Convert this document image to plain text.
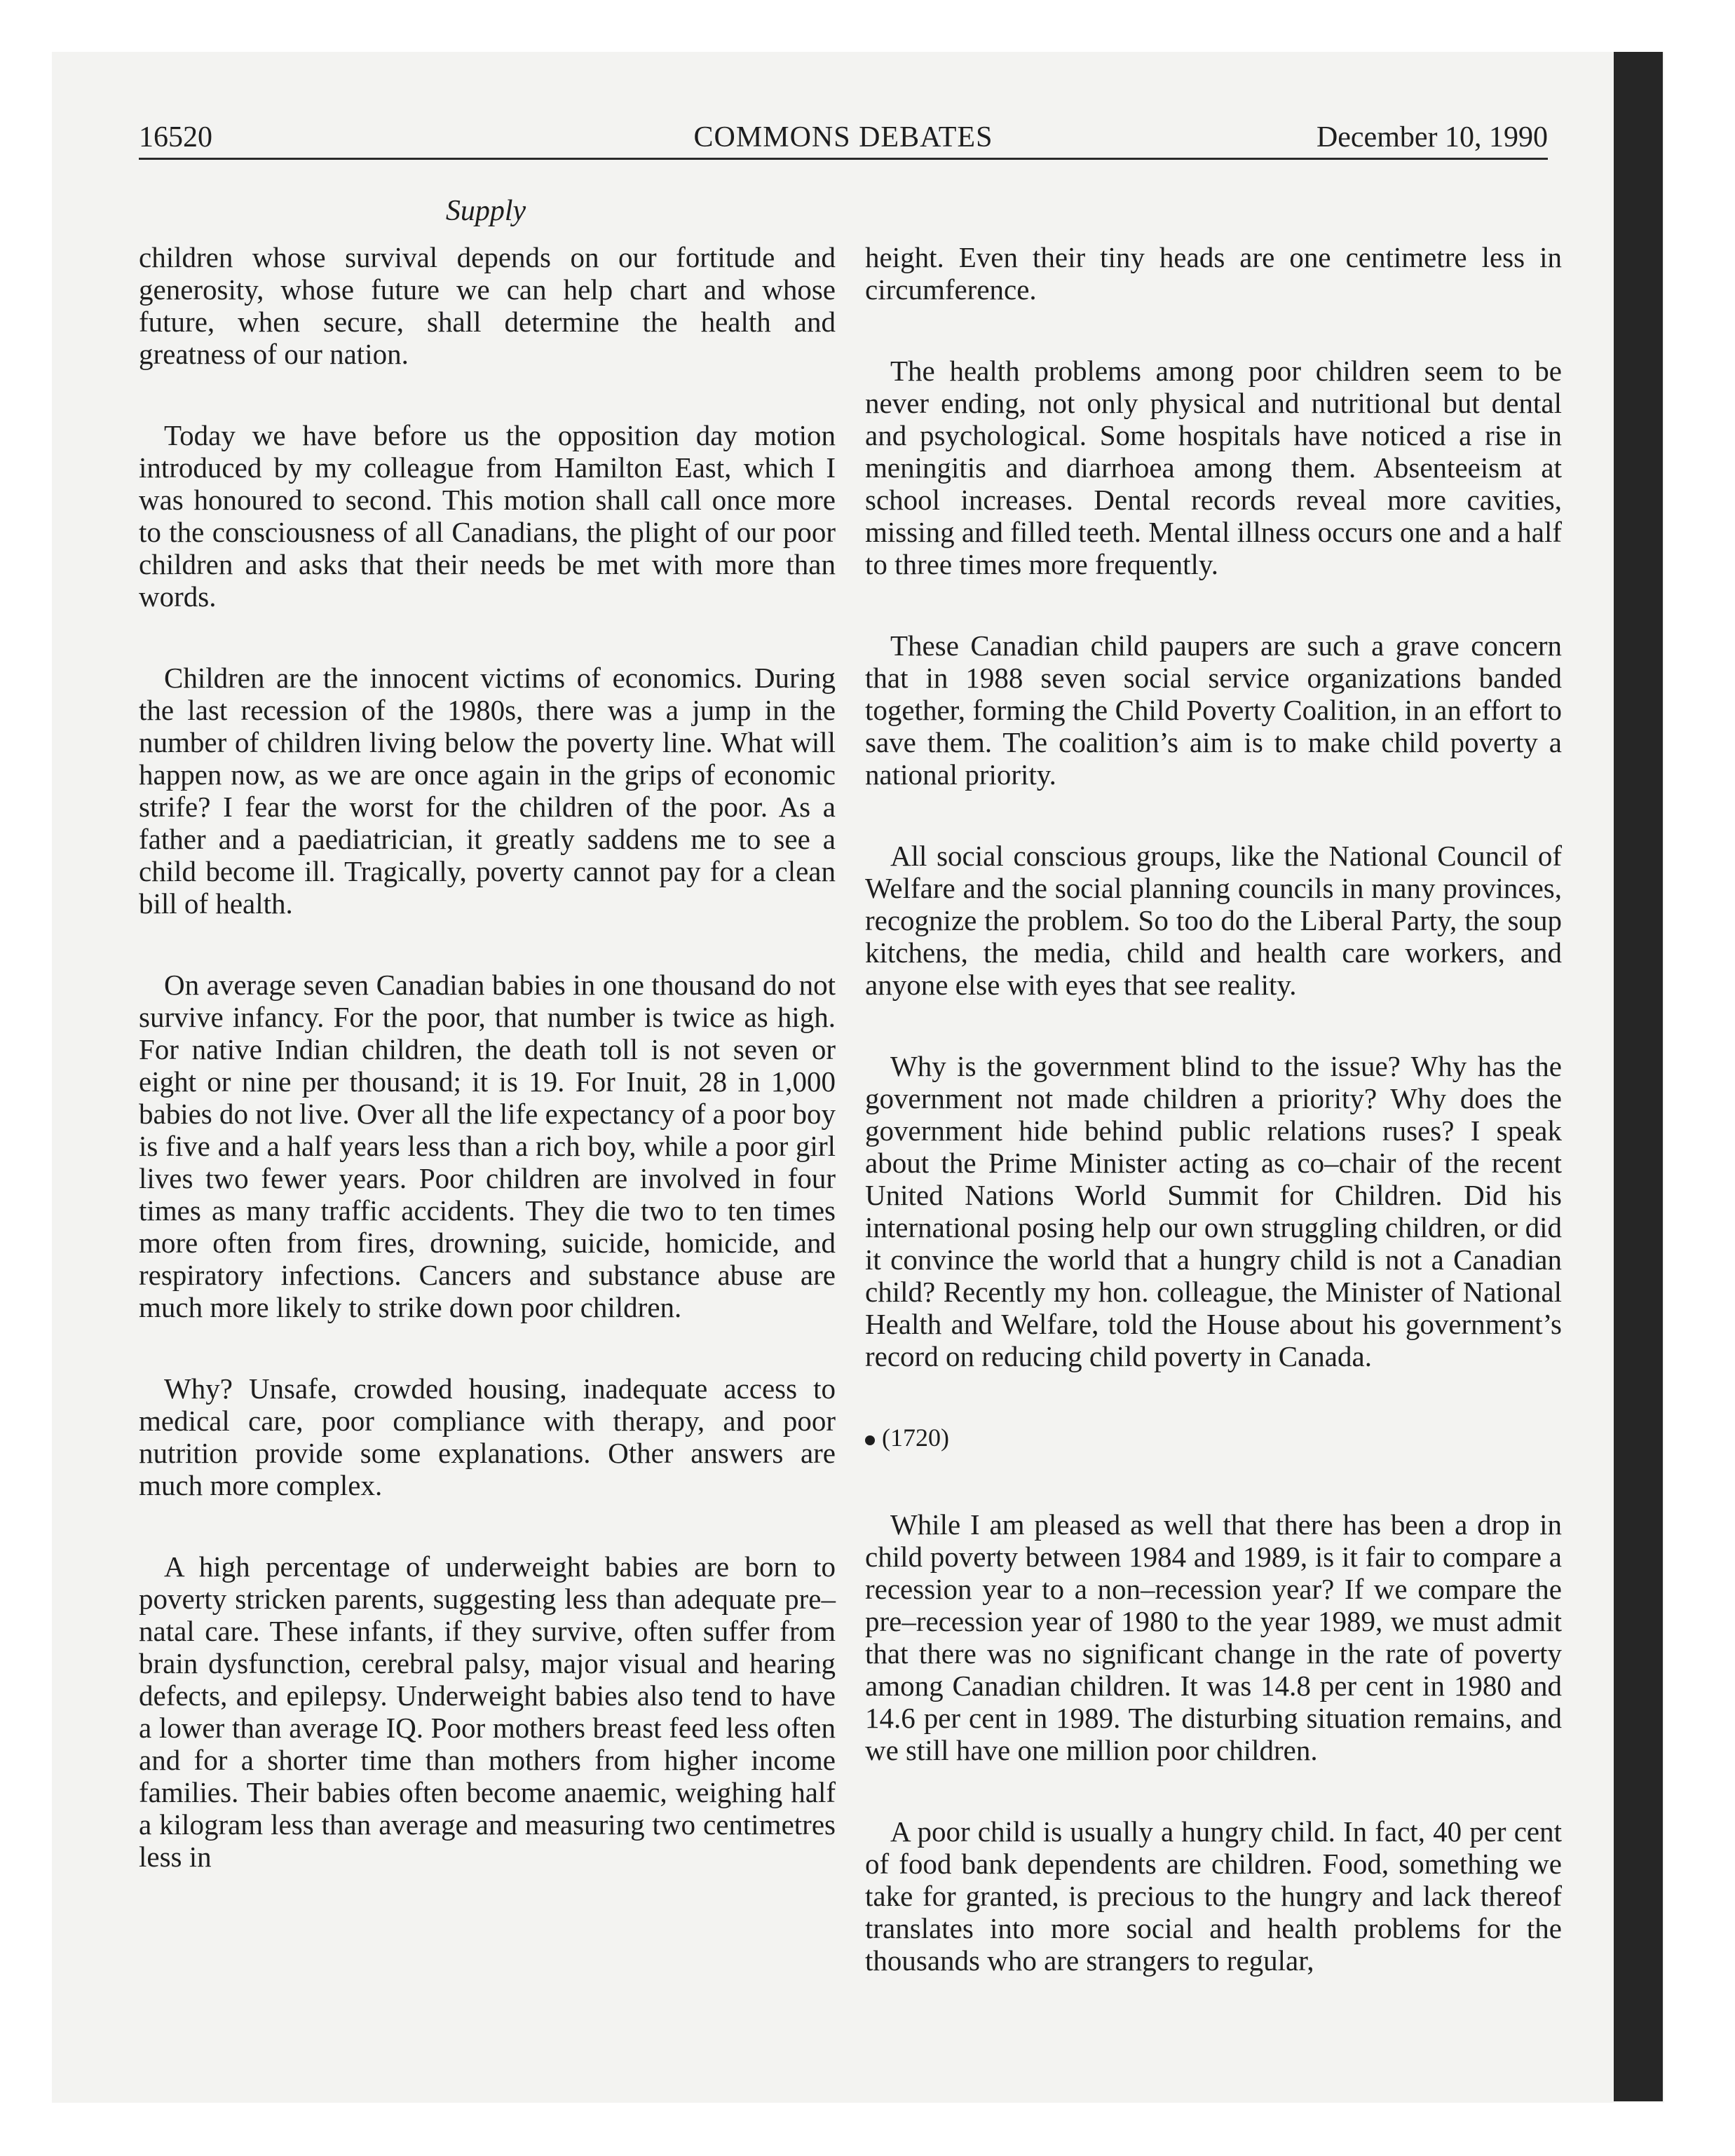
16520	COMMONS DEBATES	December 10, 1990
Supply

children whose survival depends on our fortitude and generosity, whose future we can help chart and whose future, when secure, shall determine the health and greatness of our nation.

Today we have before us the opposition day motion introduced by my colleague from Hamilton East, which I was honoured to second. This motion shall call once more to the consciousness of all Canadians, the plight of our poor children and asks that their needs be met with more than words.

Children are the innocent victims of economics. During the last recession of the 1980s, there was a jump in the number of children living below the poverty line. What will happen now, as we are once again in the grips of economic strife? I fear the worst for the children of the poor. As a father and a paediatrician, it greatly saddens me to see a child become ill. Tragically, poverty cannot pay for a clean bill of health.

On average seven Canadian babies in one thousand do not survive infancy. For the poor, that number is twice as high. For native Indian children, the death toll is not seven or eight or nine per thousand; it is 19. For Inuit, 28 in 1,000 babies do not live. Over all the life expectancy of a poor boy is five and a half years less than a rich boy, while a poor girl lives two fewer years. Poor children are involved in four times as many traffic accidents. They die two to ten times more often from fires, drowning, suicide, homicide, and respiratory infections. Cancers and substance abuse are much more likely to strike down poor children.

Why? Unsafe, crowded housing, inadequate access to medical care, poor compliance with therapy, and poor nutrition provide some explanations. Other answers are much more complex.

A high percentage of underweight babies are born to poverty stricken parents, suggesting less than adequate pre–natal care. These infants, if they survive, often suffer from brain dysfunction, cerebral palsy, major visual and hearing defects, and epilepsy. Underweight babies also tend to have a lower than average IQ. Poor mothers breast feed less often and for a shorter time than mothers from higher income families. Their babies often become anaemic, weighing half a kilogram less than average and measuring two centimetres less in

height. Even their tiny heads are one centimetre less in circumference.

The health problems among poor children seem to be never ending, not only physical and nutritional but dental and psychological. Some hospitals have noticed a rise in meningitis and diarrhoea among them. Absenteeism at school increases. Dental records reveal more cavities, missing and filled teeth. Mental illness occurs one and a half to three times more frequently.

These Canadian child paupers are such a grave concern that in 1988 seven social service organizations banded together, forming the Child Poverty Coalition, in an effort to save them. The coalition’s aim is to make child poverty a national priority.

All social conscious groups, like the National Council of Welfare and the social planning councils in many provinces, recognize the problem. So too do the Liberal Party, the soup kitchens, the media, child and health care workers, and anyone else with eyes that see reality.

Why is the government blind to the issue? Why has the government not made children a priority? Why does the government hide behind public relations ruses? I speak about the Prime Minister acting as co–chair of the recent United Nations World Summit for Children. Did his international posing help our own struggling children, or did it convince the world that a hungry child is not a Canadian child? Recently my hon. colleague, the Minister of National Health and Welfare, told the House about his government’s record on reducing child poverty in Canada.

(1720)

While I am pleased as well that there has been a drop in child poverty between 1984 and 1989, is it fair to compare a recession year to a non–recession year? If we compare the pre–recession year of 1980 to the year 1989, we must admit that there was no significant change in the rate of poverty among Canadian children. It was 14.8 per cent in 1980 and 14.6 per cent in 1989. The disturbing situation remains, and we still have one million poor children.

A poor child is usually a hungry child. In fact, 40 per cent of food bank dependents are children. Food, something we take for granted, is precious to the hungry and lack thereof translates into more social and health problems for the thousands who are strangers to regular,
